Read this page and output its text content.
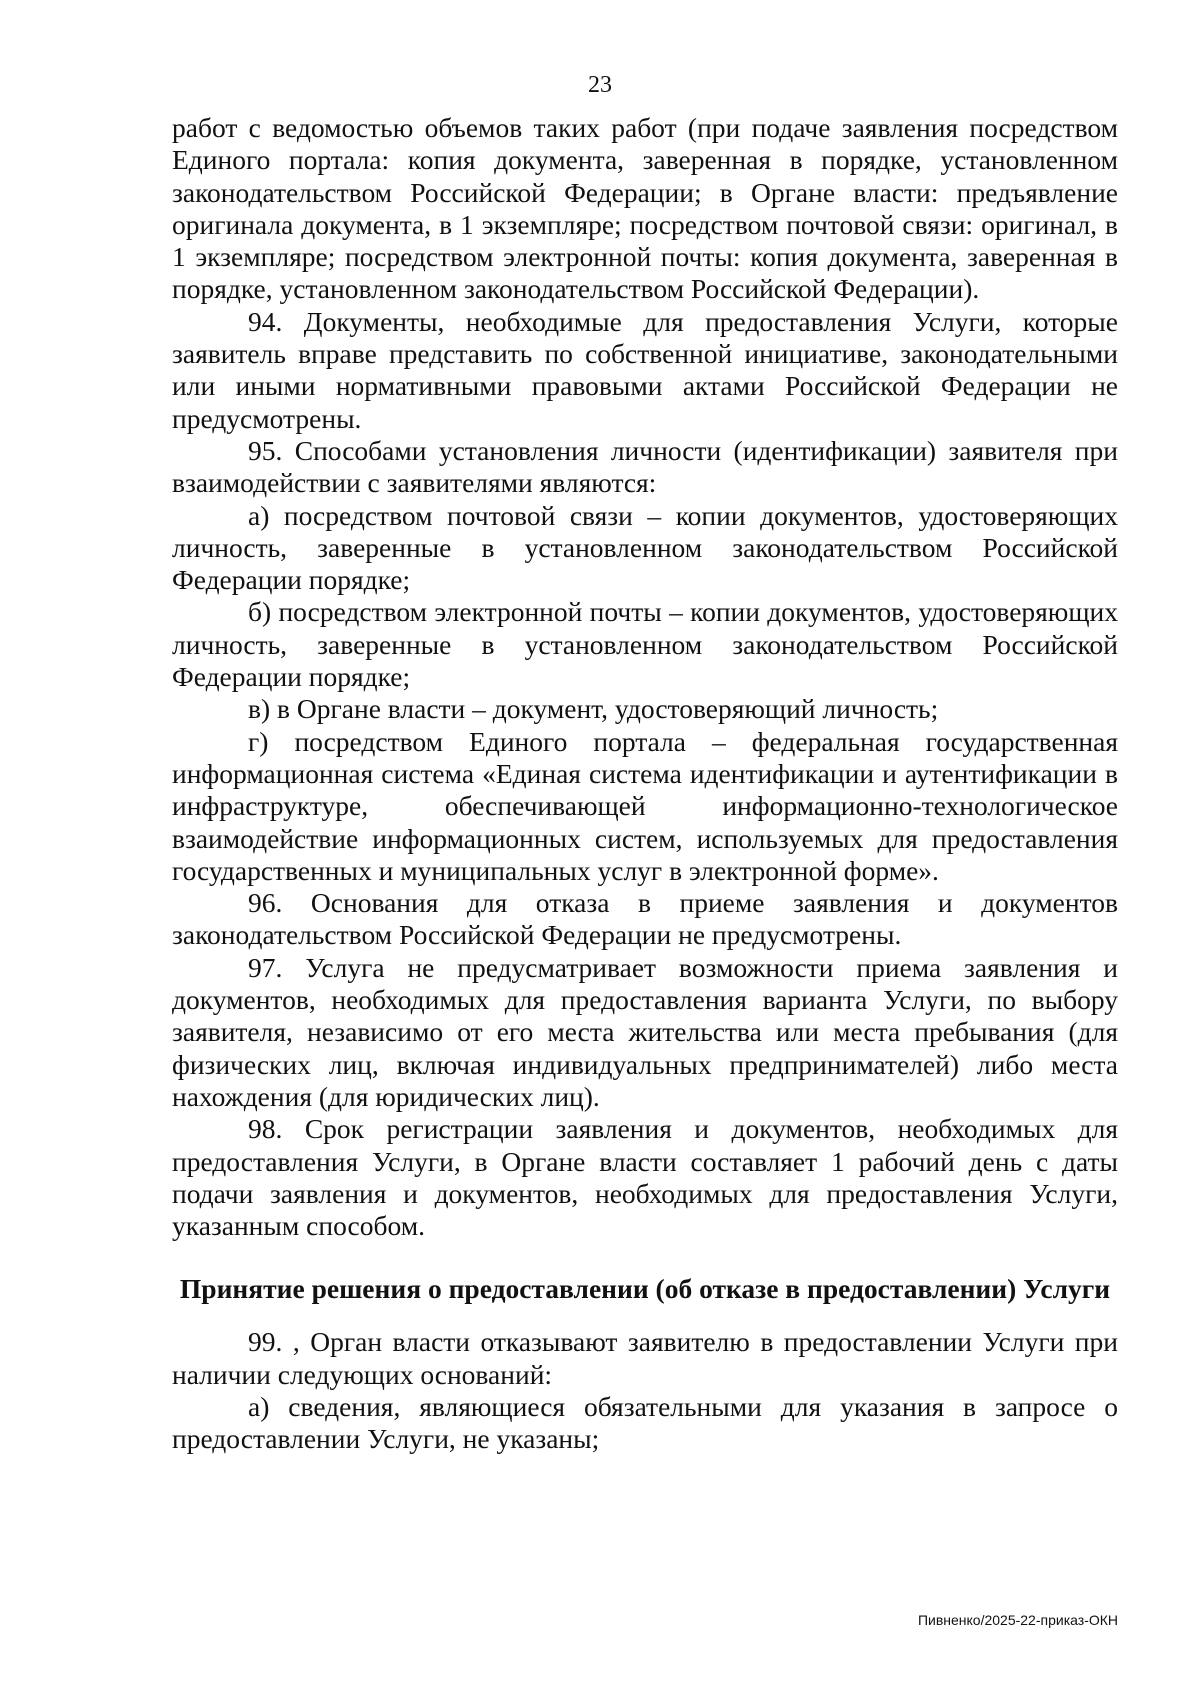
23

работ с ведомостью объемов таких работ (при подаче заявления посредством Единого портала: копия документа, заверенная в порядке, установленном законодательством Российской Федерации; в Органе власти: предъявление оригинала документа, в 1 экземпляре; посредством почтовой связи: оригинал, в 1 экземпляре; посредством электронной почты: копия документа, заверенная в порядке, установленном законодательством Российской Федерации).

94. Документы, необходимые для предоставления Услуги, которые заявитель вправе представить по собственной инициативе, законодательными или иными нормативными правовыми актами Российской Федерации не предусмотрены.

95. Способами установления личности (идентификации) заявителя при взаимодействии с заявителями являются:

а) посредством почтовой связи – копии документов, удостоверяющих личность, заверенные в установленном законодательством Российской Федерации порядке;

б) посредством электронной почты – копии документов, удостоверяющих личность, заверенные в установленном законодательством Российской Федерации порядке;

в) в Органе власти – документ, удостоверяющий личность;

г) посредством Единого портала – федеральная государственная информационная система «Единая система идентификации и аутентификации в инфраструктуре, обеспечивающей информационно-технологическое взаимодействие информационных систем, используемых для предоставления государственных и муниципальных услуг в электронной форме».

96. Основания для отказа в приеме заявления и документов законодательством Российской Федерации не предусмотрены.

97. Услуга не предусматривает возможности приема заявления и документов, необходимых для предоставления варианта Услуги, по выбору заявителя, независимо от его места жительства или места пребывания (для физических лиц, включая индивидуальных предпринимателей) либо места нахождения (для юридических лиц).

98. Срок регистрации заявления и документов, необходимых для предоставления Услуги, в Органе власти составляет 1 рабочий день с даты подачи заявления и документов, необходимых для предоставления Услуги, указанным способом.

Принятие решения о предоставлении (об отказе в предоставлении) Услуги

99. , Орган власти отказывают заявителю в предоставлении Услуги при наличии следующих оснований:

а) сведения, являющиеся обязательными для указания в запросе о предоставлении Услуги, не указаны;

Пивненко/2025-22-приказ-ОКН
